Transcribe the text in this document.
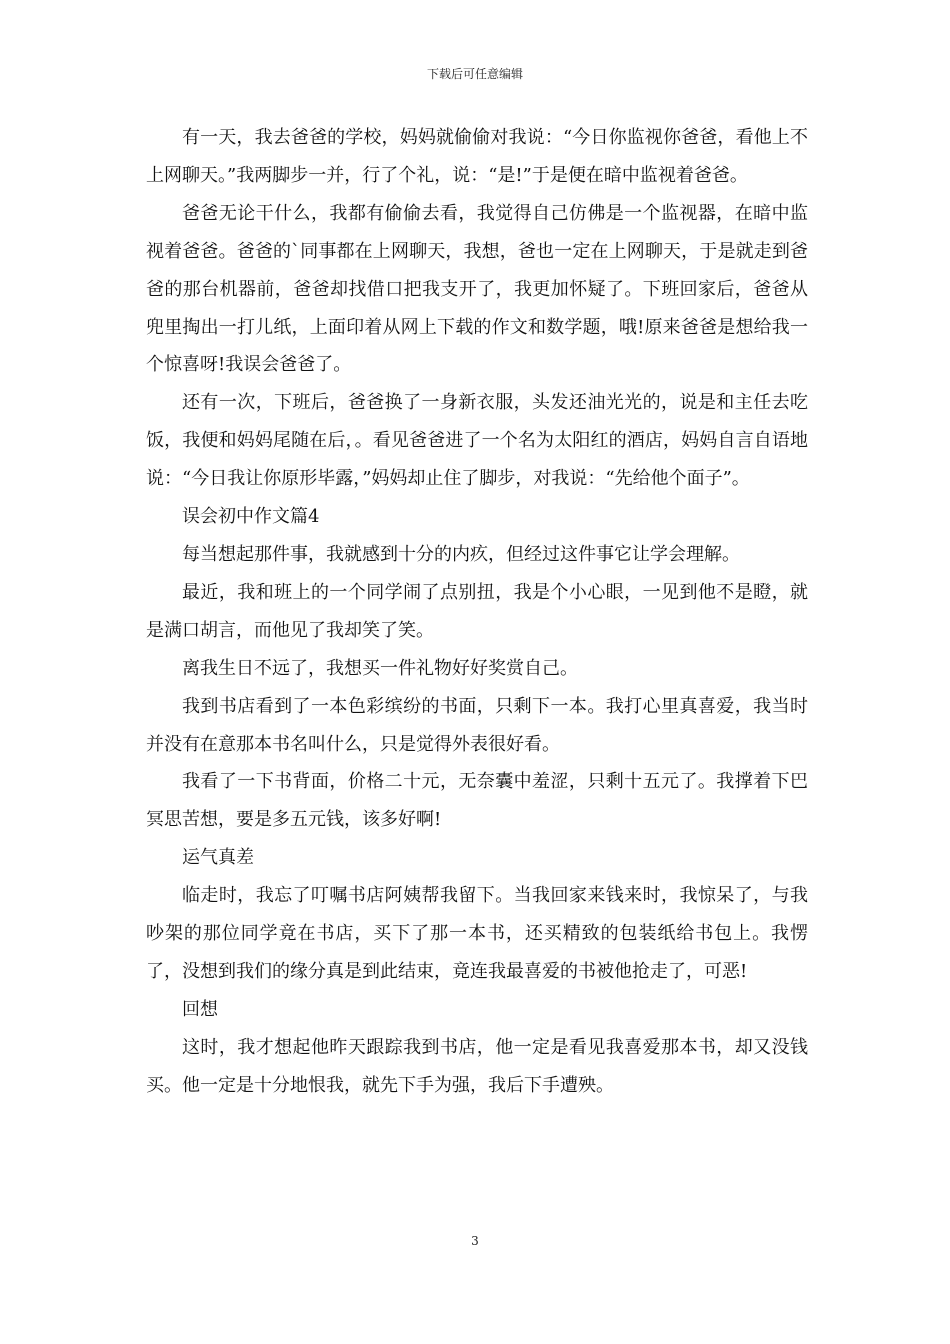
下载后可任意编辑

有一天，我去爸爸的学校，妈妈就偷偷对我说：“今日你监视你爸爸，看他上不上网聊天。”我两脚步一并，行了个礼，说：“是!”于是便在暗中监视着爸爸。

爸爸无论干什么，我都有偷偷去看，我觉得自己仿佛是一个监视器，在暗中监视着爸爸。爸爸的`同事都在上网聊天，我想，爸也一定在上网聊天，于是就走到爸爸的那台机器前，爸爸却找借口把我支开了，我更加怀疑了。下班回家后，爸爸从兜里掏出一打儿纸，上面印着从网上下载的作文和数学题，哦!原来爸爸是想给我一个惊喜呀!我误会爸爸了。

还有一次，下班后，爸爸换了一身新衣服，头发还油光光的，说是和主任去吃饭，我便和妈妈尾随在后，。看见爸爸进了一个名为太阳红的酒店，妈妈自言自语地说：“今日我让你原形毕露，”妈妈却止住了脚步，对我说：“先给他个面子”。

误会初中作文篇4

每当想起那件事，我就感到十分的内疚，但经过这件事它让学会理解。

最近，我和班上的一个同学闹了点别扭，我是个小心眼，一见到他不是瞪，就是满口胡言，而他见了我却笑了笑。

离我生日不远了，我想买一件礼物好好奖赏自己。

我到书店看到了一本色彩缤纷的书面，只剩下一本。我打心里真喜爱，我当时并没有在意那本书名叫什么，只是觉得外表很好看。

我看了一下书背面，价格二十元，无奈囊中羞涩，只剩十五元了。我撑着下巴冥思苦想，要是多五元钱，该多好啊!

运气真差

临走时，我忘了叮嘱书店阿姨帮我留下。当我回家来钱来时，我惊呆了，与我吵架的那位同学竟在书店，买下了那一本书，还买精致的包装纸给书包上。我愣了，没想到我们的缘分真是到此结束，竟连我最喜爱的书被他抢走了，可恶!

回想

这时，我才想起他昨天跟踪我到书店，他一定是看见我喜爱那本书，却又没钱买。他一定是十分地恨我，就先下手为强，我后下手遭殃。

3
